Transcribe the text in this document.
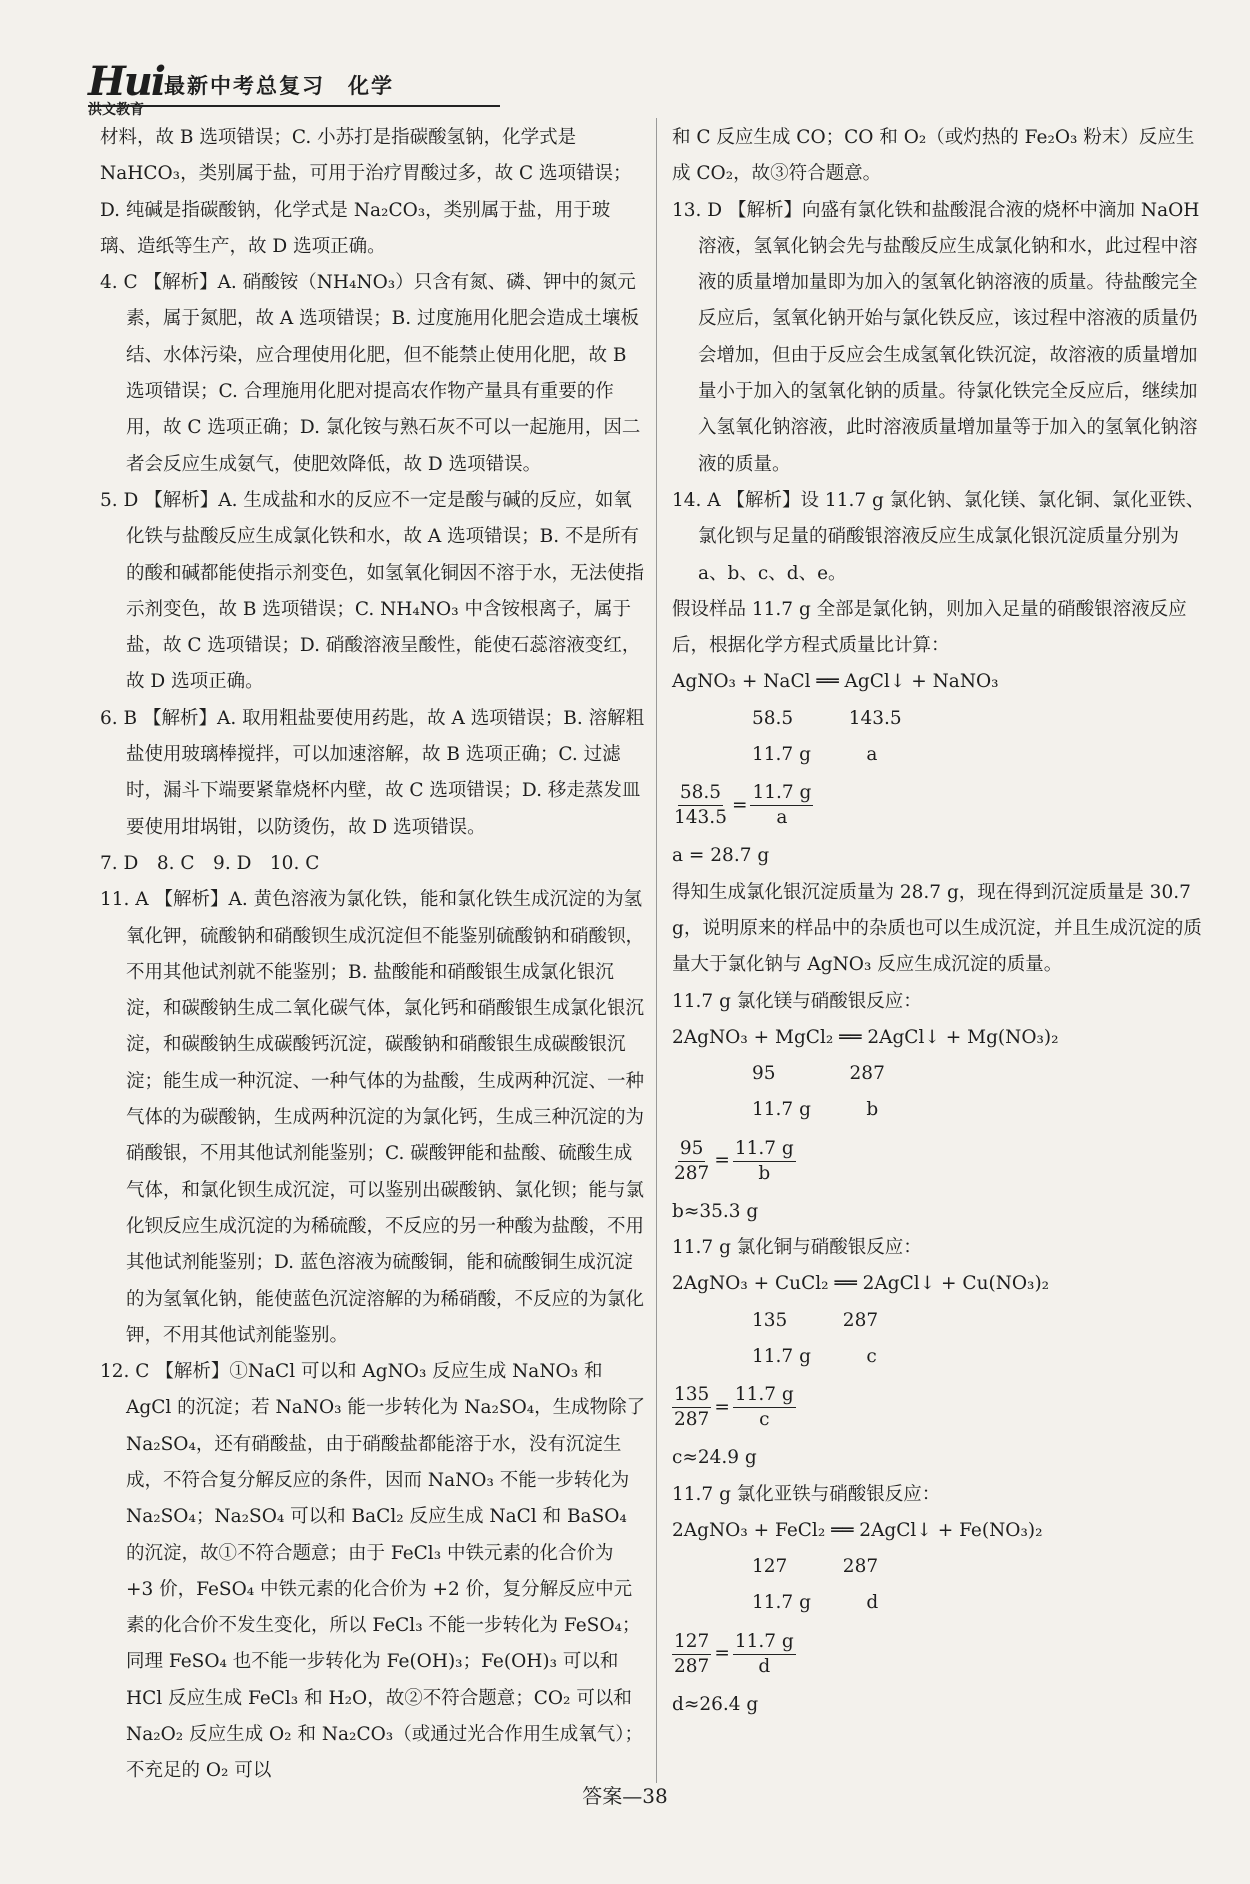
Hui
洪文教育
最新中考总复习　化学
材料，故 B 选项错误；C. 小苏打是指碳酸氢钠，化学式是 NaHCO₃，类别属于盐，可用于治疗胃酸过多，故 C 选项错误；D. 纯碱是指碳酸钠，化学式是 Na₂CO₃，类别属于盐，用于玻璃、造纸等生产，故 D 选项正确。
4. C 【解析】A. 硝酸铵（NH₄NO₃）只含有氮、磷、钾中的氮元素，属于氮肥，故 A 选项错误；B. 过度施用化肥会造成土壤板结、水体污染，应合理使用化肥，但不能禁止使用化肥，故 B 选项错误；C. 合理施用化肥对提高农作物产量具有重要的作用，故 C 选项正确；D. 氯化铵与熟石灰不可以一起施用，因二者会反应生成氨气，使肥效降低，故 D 选项错误。
5. D 【解析】A. 生成盐和水的反应不一定是酸与碱的反应，如氧化铁与盐酸反应生成氯化铁和水，故 A 选项错误；B. 不是所有的酸和碱都能使指示剂变色，如氢氧化铜因不溶于水，无法使指示剂变色，故 B 选项错误；C. NH₄NO₃ 中含铵根离子，属于盐，故 C 选项错误；D. 硝酸溶液呈酸性，能使石蕊溶液变红，故 D 选项正确。
6. B 【解析】A. 取用粗盐要使用药匙，故 A 选项错误；B. 溶解粗盐使用玻璃棒搅拌，可以加速溶解，故 B 选项正确；C. 过滤时，漏斗下端要紧靠烧杯内壁，故 C 选项错误；D. 移走蒸发皿要使用坩埚钳，以防烫伤，故 D 选项错误。
7. D　8. C　9. D　10. C
11. A 【解析】A. 黄色溶液为氯化铁，能和氯化铁生成沉淀的为氢氧化钾，硫酸钠和硝酸钡生成沉淀但不能鉴别硫酸钠和硝酸钡，不用其他试剂就不能鉴别；B. 盐酸能和硝酸银生成氯化银沉淀，和碳酸钠生成二氧化碳气体，氯化钙和硝酸银生成氯化银沉淀，和碳酸钠生成碳酸钙沉淀，碳酸钠和硝酸银生成碳酸银沉淀；能生成一种沉淀、一种气体的为盐酸，生成两种沉淀、一种气体的为碳酸钠，生成两种沉淀的为氯化钙，生成三种沉淀的为硝酸银，不用其他试剂能鉴别；C. 碳酸钾能和盐酸、硫酸生成气体，和氯化钡生成沉淀，可以鉴别出碳酸钠、氯化钡；能与氯化钡反应生成沉淀的为稀硫酸，不反应的另一种酸为盐酸，不用其他试剂能鉴别；D. 蓝色溶液为硫酸铜，能和硫酸铜生成沉淀的为氢氧化钠，能使蓝色沉淀溶解的为稀硝酸，不反应的为氯化钾，不用其他试剂能鉴别。
12. C 【解析】①NaCl 可以和 AgNO₃ 反应生成 NaNO₃ 和 AgCl 的沉淀；若 NaNO₃ 能一步转化为 Na₂SO₄，生成物除了 Na₂SO₄，还有硝酸盐，由于硝酸盐都能溶于水，没有沉淀生成，不符合复分解反应的条件，因而 NaNO₃ 不能一步转化为 Na₂SO₄；Na₂SO₄ 可以和 BaCl₂ 反应生成 NaCl 和 BaSO₄ 的沉淀，故①不符合题意；由于 FeCl₃ 中铁元素的化合价为 +3 价，FeSO₄ 中铁元素的化合价为 +2 价，复分解反应中元素的化合价不发生变化，所以 FeCl₃ 不能一步转化为 FeSO₄；同理 FeSO₄ 也不能一步转化为 Fe(OH)₃；Fe(OH)₃ 可以和 HCl 反应生成 FeCl₃ 和 H₂O，故②不符合题意；CO₂ 可以和 Na₂O₂ 反应生成 O₂ 和 Na₂CO₃（或通过光合作用生成氧气）；不充足的 O₂ 可以
和 C 反应生成 CO；CO 和 O₂（或灼热的 Fe₂O₃ 粉末）反应生成 CO₂，故③符合题意。
13. D 【解析】向盛有氯化铁和盐酸混合液的烧杯中滴加 NaOH 溶液，氢氧化钠会先与盐酸反应生成氯化钠和水，此过程中溶液的质量增加量即为加入的氢氧化钠溶液的质量。待盐酸完全反应后，氢氧化钠开始与氯化铁反应，该过程中溶液的质量仍会增加，但由于反应会生成氢氧化铁沉淀，故溶液的质量增加量小于加入的氢氧化钠的质量。待氯化铁完全反应后，继续加入氢氧化钠溶液，此时溶液质量增加量等于加入的氢氧化钠溶液的质量。
14. A 【解析】设 11.7 g 氯化钠、氯化镁、氯化铜、氯化亚铁、氯化钡与足量的硝酸银溶液反应生成氯化银沉淀质量分别为 a、b、c、d、e。
假设样品 11.7 g 全部是氯化钠，则加入足量的硝酸银溶液反应后，根据化学方程式质量比计算：
AgNO₃ + NaCl ══ AgCl↓ + NaNO₃
58.5　　　143.5
11.7 g　　　a
$\frac{58.5}{143.5} = \frac{11.7 g}{a}$
a = 28.7 g
得知生成氯化银沉淀质量为 28.7 g，现在得到沉淀质量是 30.7 g，说明原来的样品中的杂质也可以生成沉淀，并且生成沉淀的质量大于氯化钠与 AgNO₃ 反应生成沉淀的质量。
11.7 g 氯化镁与硝酸银反应：
2AgNO₃ + MgCl₂ ══ 2AgCl↓ + Mg(NO₃)₂
95　　　　287
11.7 g　　　b
$\frac{95}{287} = \frac{11.7 g}{b}$
b≈35.3 g
11.7 g 氯化铜与硝酸银反应：
2AgNO₃ + CuCl₂ ══ 2AgCl↓ + Cu(NO₃)₂
135　　　287
11.7 g　　　c
$\frac{135}{287} = \frac{11.7 g}{c}$
c≈24.9 g
11.7 g 氯化亚铁与硝酸银反应：
2AgNO₃ + FeCl₂ ══ 2AgCl↓ + Fe(NO₃)₂
127　　　287
11.7 g　　　d
$\frac{127}{287} = \frac{11.7 g}{d}$
d≈26.4 g
答案—38
